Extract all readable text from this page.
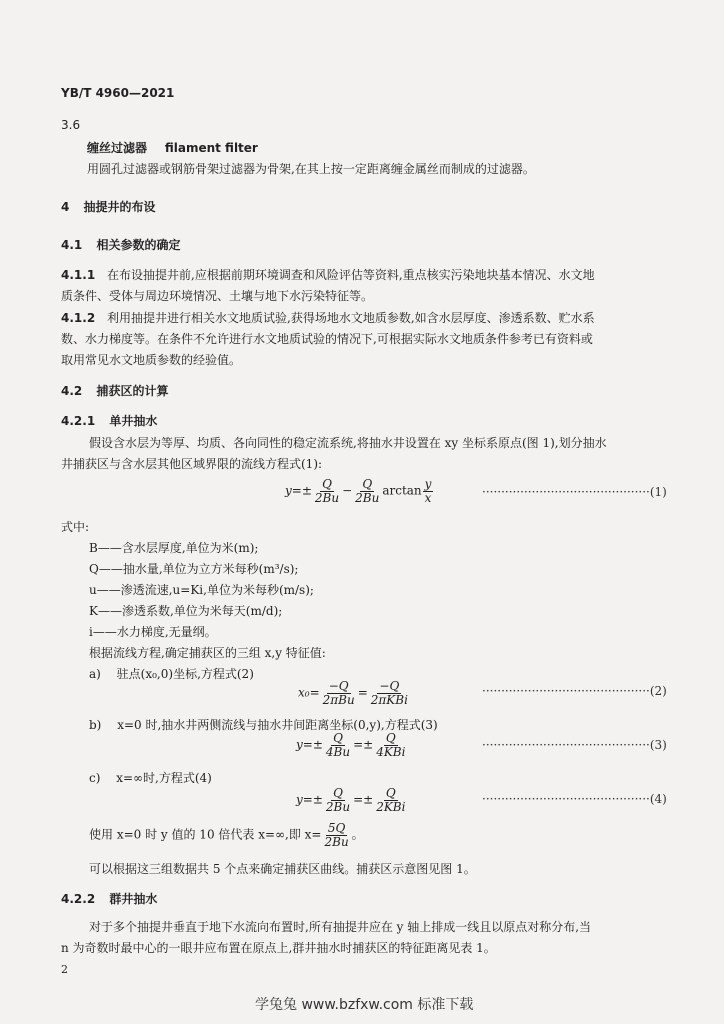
YB/T 4960—2021
3.6
缠丝过滤器 filament filter
用圆孔过滤器或钢筋骨架过滤器为骨架,在其上按一定距离缠金属丝而制成的过滤器。
4 抽提井的布设
4.1 相关参数的确定
4.1.1 在布设抽提井前,应根据前期环境调查和风险评估等资料,重点核实污染地块基本情况、水文地
质条件、受体与周边环境情况、土壤与地下水污染特征等。
4.1.2 利用抽提井进行相关水文地质试验,获得场地水文地质参数,如含水层厚度、渗透系数、贮水系
数、水力梯度等。在条件不允许进行水文地质试验的情况下,可根据实际水文地质条件参考已有资料或
取用常见水文地质参数的经验值。
4.2 捕获区的计算
4.2.1 单井抽水
假设含水层为等厚、均质、各向同性的稳定流系统,将抽水井设置在 xy 坐标系原点(图 1),划分抽水
井捕获区与含水层其他区域界限的流线方程式(1):
$y=\pm \frac{Q}{2Bu} - \frac{Q}{2Bu}$ $\arctan \frac{y}{x}$	············································(1)
式中:
B——含水层厚度,单位为米(m);
Q——抽水量,单位为立方米每秒(m³/s);
u——渗透流速,u=Ki,单位为米每秒(m/s);
K——渗透系数,单位为米每天(m/d);
i——水力梯度,无量纲。
根据流线方程,确定捕获区的三组 x,y 特征值:
a) 驻点(x₀,0)坐标,方程式(2)
$x_0= \frac{-Q}{\text{2πBu}} = \frac{-Q}{\text{2πKBi}}$	············································(2)
b) x=0 时,抽水井两侧流线与抽水井间距离坐标(0,y),方程式(3)
$y=\pm \frac{Q}{4Bu} =\pm \frac{Q}{\text{4KBi}}$	············································(3)
c) x=∞时,方程式(4)
$y=\pm \frac{Q}{2Bu} =\pm \frac{Q}{\text{2KBi}}$	············································(4)
使用 x=0 时 y 值的 10 倍代表 x=∞,即 $x= \frac{5Q}{2Bu}$ 。
可以根据这三组数据共 5 个点来确定捕获区曲线。捕获区示意图见图 1。
4.2.2 群井抽水
对于多个抽提井垂直于地下水流向布置时,所有抽提井应在 y 轴上排成一线且以原点对称分布,当
n 为奇数时最中心的一眼井应布置在原点上,群井抽水时捕获区的特征距离见表 1。
2
学兔兔 www.bzfxw.com 标准下载
